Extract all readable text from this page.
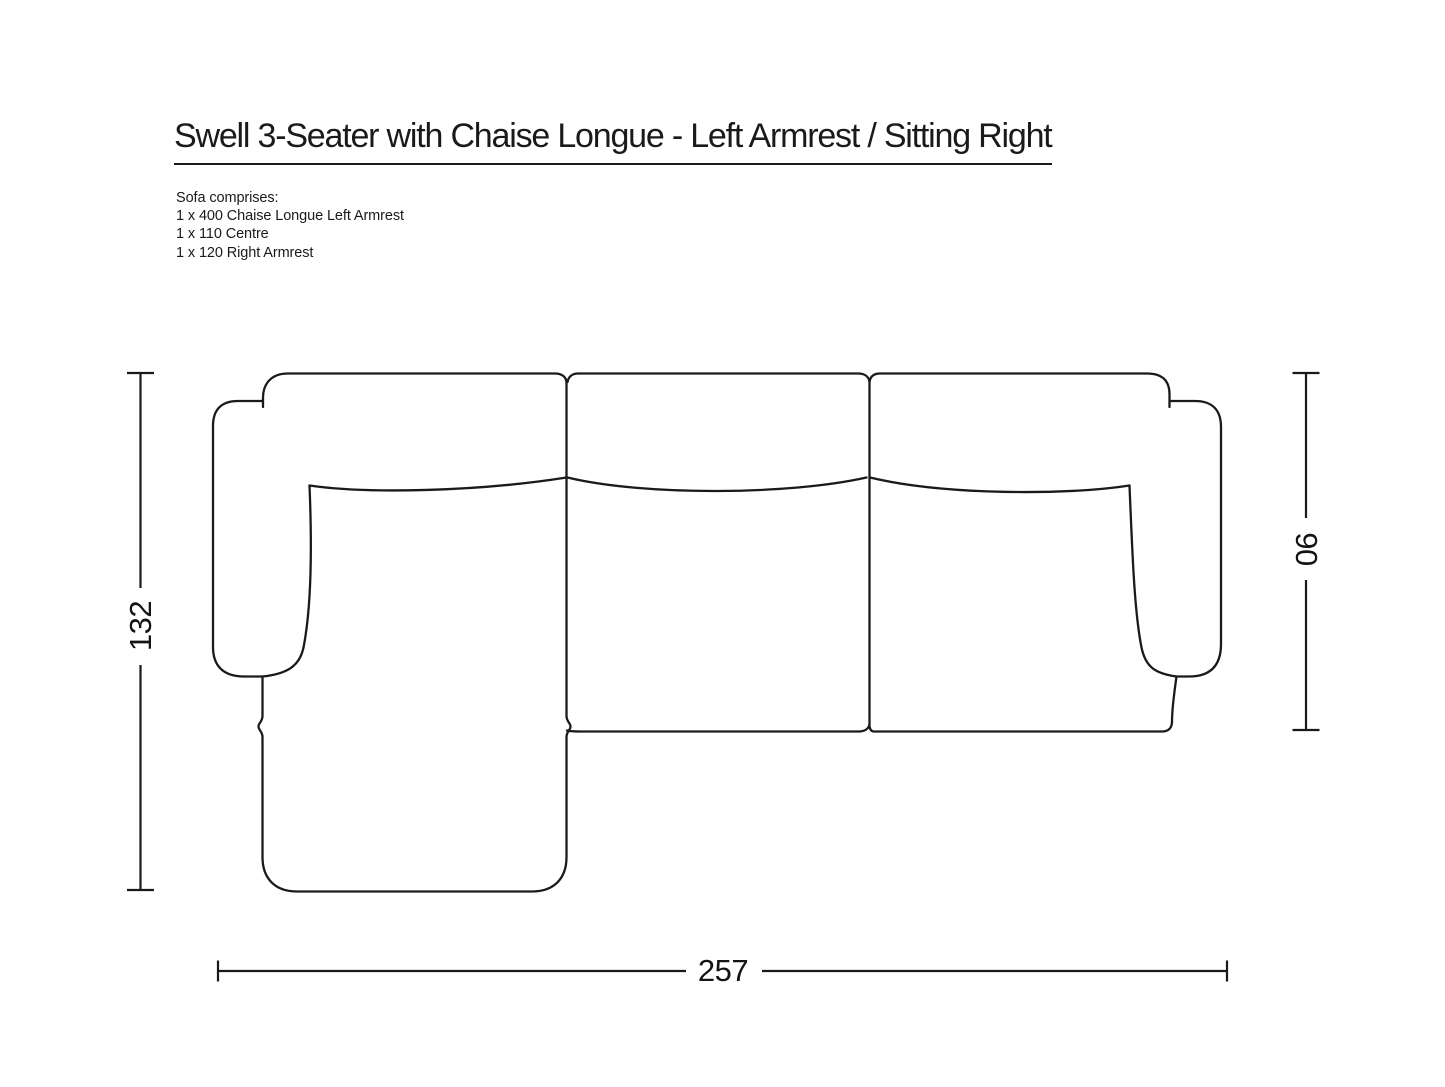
Swell 3-Seater with Chaise Longue - Left Armrest / Sitting Right
Sofa comprises:
1 x 400 Chaise Longue Left Armrest
1 x 110 Centre
1 x 120 Right Armrest
132
90
257
